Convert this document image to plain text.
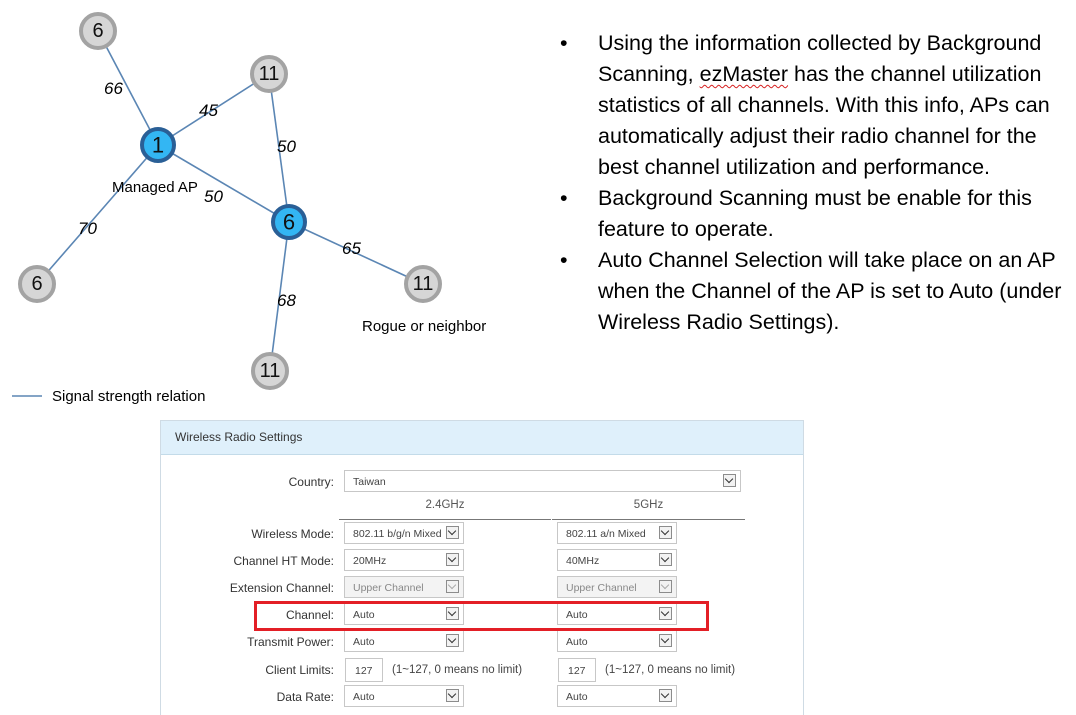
66
45
50
50
70
65
68
6
11
1
6
6	11
11
Managed AP
Rogue or neighbor
Signal strength relation
• Using the information collected by Background Scanning, ezMaster has the channel utilization statistics of all channels. With this info, APs can automatically adjust their radio channel for the best channel utilization and performance.
• Background Scanning must be enable for this feature to operate.
• Auto Channel Selection will take place on an AP when the Channel of the AP is set to Auto (under Wireless Radio Settings).
Wireless Radio Settings
Country:	Taiwan
2.4GHz	5GHz
Wireless Mode:	802.11 b/g/n Mixed	802.11 a/n Mixed
Channel HT Mode:	20MHz	40MHz
Extension Channel:	Upper Channel	Upper Channel
Channel:	Auto	Auto
Transmit Power:	Auto	Auto
Client Limits:	127	(1~127, 0 means no limit)	127	(1~127, 0 means no limit)
Data Rate:	Auto	Auto
